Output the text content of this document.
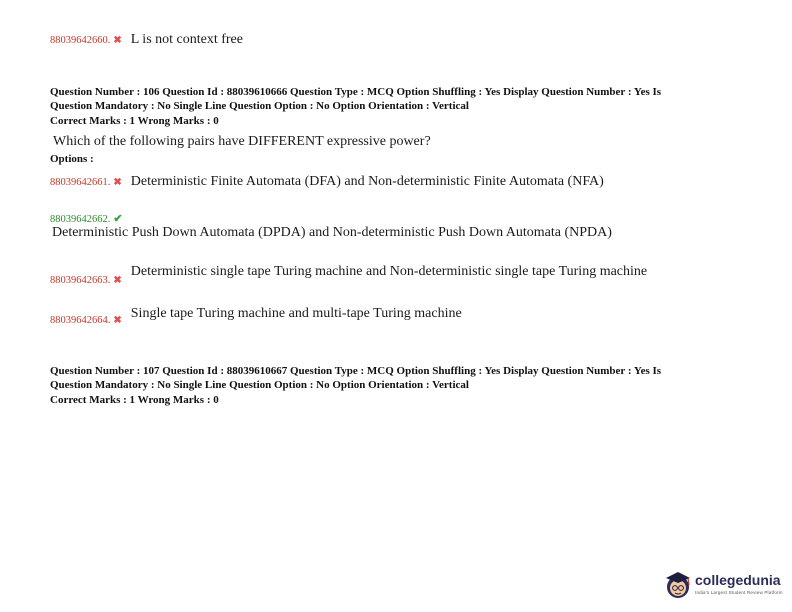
88039642660. ✖ L is not context free
Question Number : 106 Question Id : 88039610666 Question Type : MCQ Option Shuffling : Yes Display Question Number : Yes Is
Question Mandatory : No Single Line Question Option : No Option Orientation : Vertical
Correct Marks : 1 Wrong Marks : 0
Which of the following pairs have DIFFERENT expressive power?
Options :
88039642661. ✖ Deterministic Finite Automata (DFA) and Non-deterministic Finite Automata (NFA)
88039642662. ✔
Deterministic Push Down Automata (DPDA) and Non-deterministic Push Down Automata (NPDA)
$_{88039642663.}$ $_✖$ Deterministic single tape Turing machine and Non-deterministic single tape Turing machine
$_{88039642664.}$ $_✖$ Single tape Turing machine and multi-tape Turing machine
Question Number : 107 Question Id : 88039610667 Question Type : MCQ Option Shuffling : Yes Display Question Number : Yes Is
Question Mandatory : No Single Line Question Option : No Option Orientation : Vertical
Correct Marks : 1 Wrong Marks : 0
collegedunia
India's Largest Student Review Platform
